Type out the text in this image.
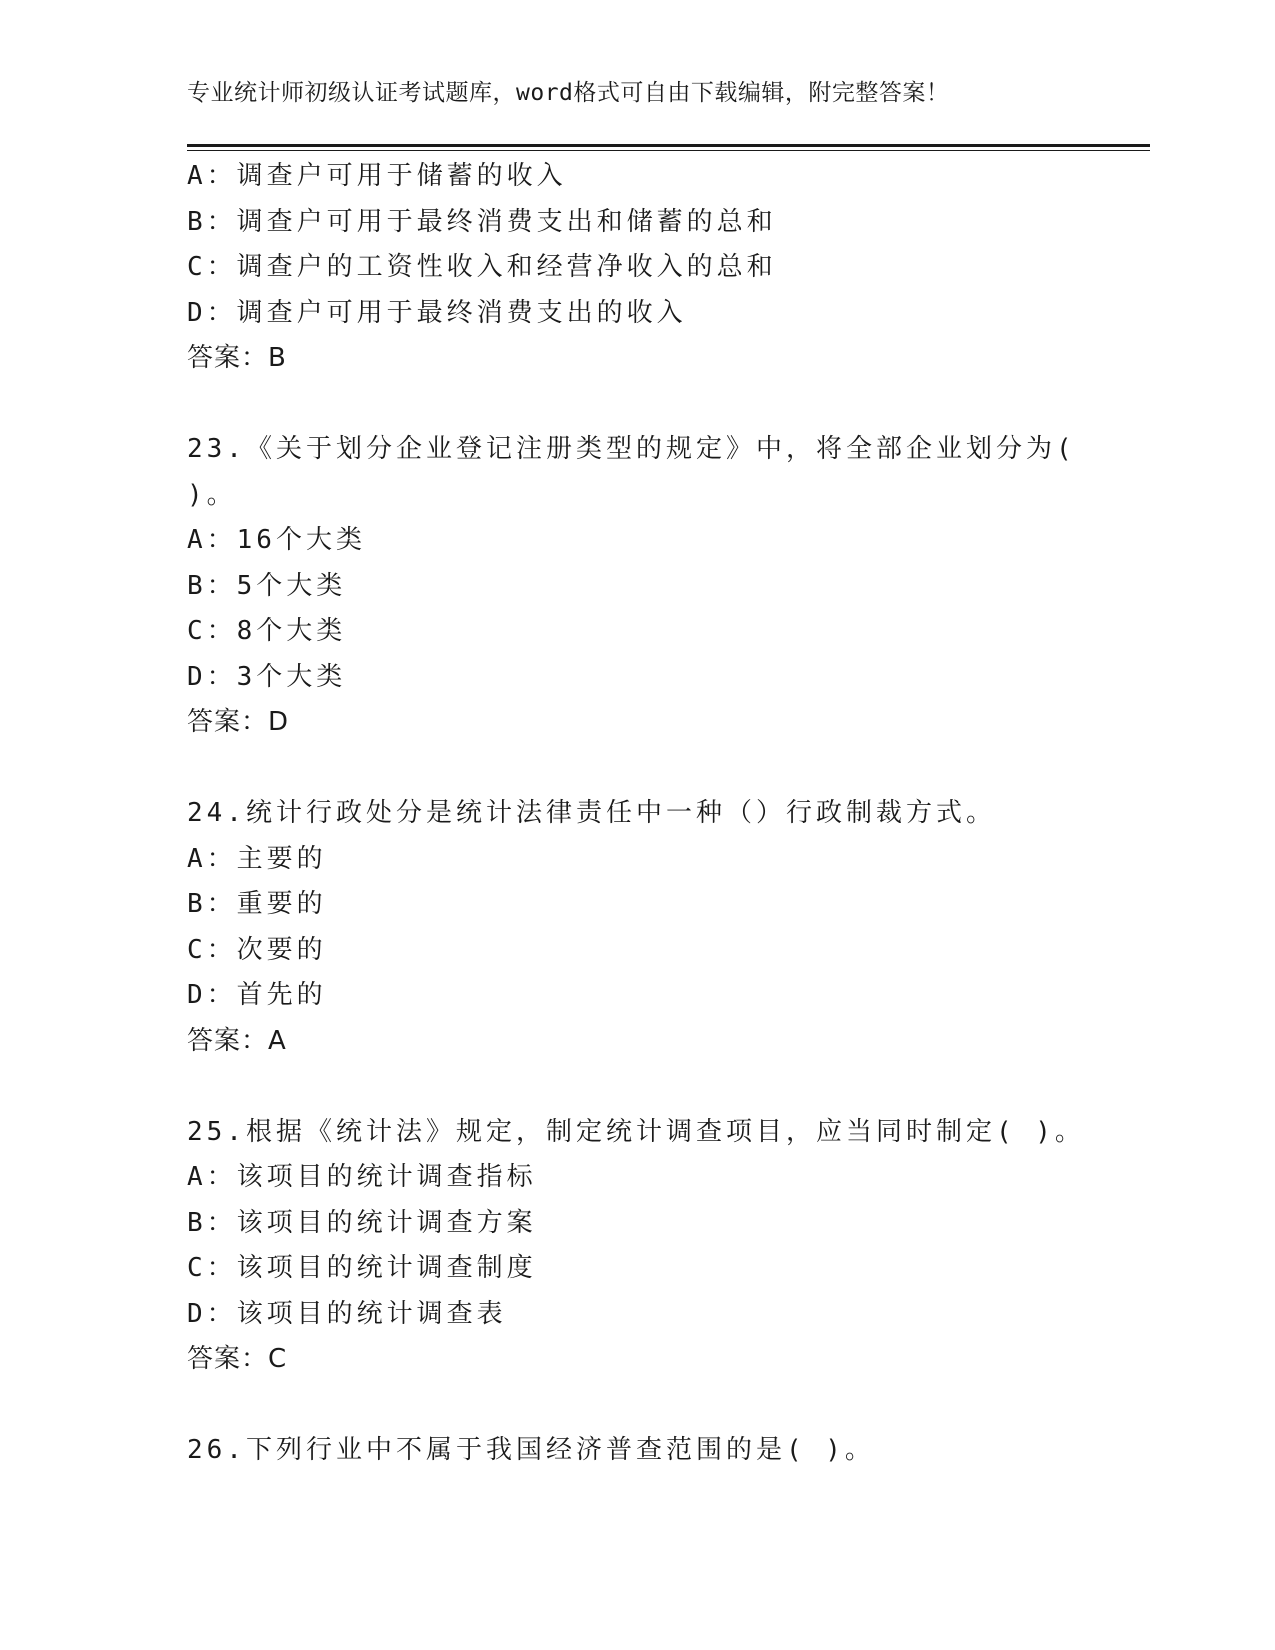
专业统计师初级认证考试题库，word格式可自由下载编辑，附完整答案！
A：调查户可用于储蓄的收入
B：调查户可用于最终消费支出和储蓄的总和
C：调查户的工资性收入和经营净收入的总和
D：调查户可用于最终消费支出的收入
答案：B
23.《关于划分企业登记注册类型的规定》中，将全部企业划分为(
)。
A：16个大类
B：5个大类
C：8个大类
D：3个大类
答案：D
24.统计行政处分是统计法律责任中一种（）行政制裁方式。
A：主要的
B：重要的
C：次要的
D：首先的
答案：A
25.根据《统计法》规定，制定统计调查项目，应当同时制定( )。
A：该项目的统计调查指标
B：该项目的统计调查方案
C：该项目的统计调查制度
D：该项目的统计调查表
答案：C
26.下列行业中不属于我国经济普查范围的是( )。
